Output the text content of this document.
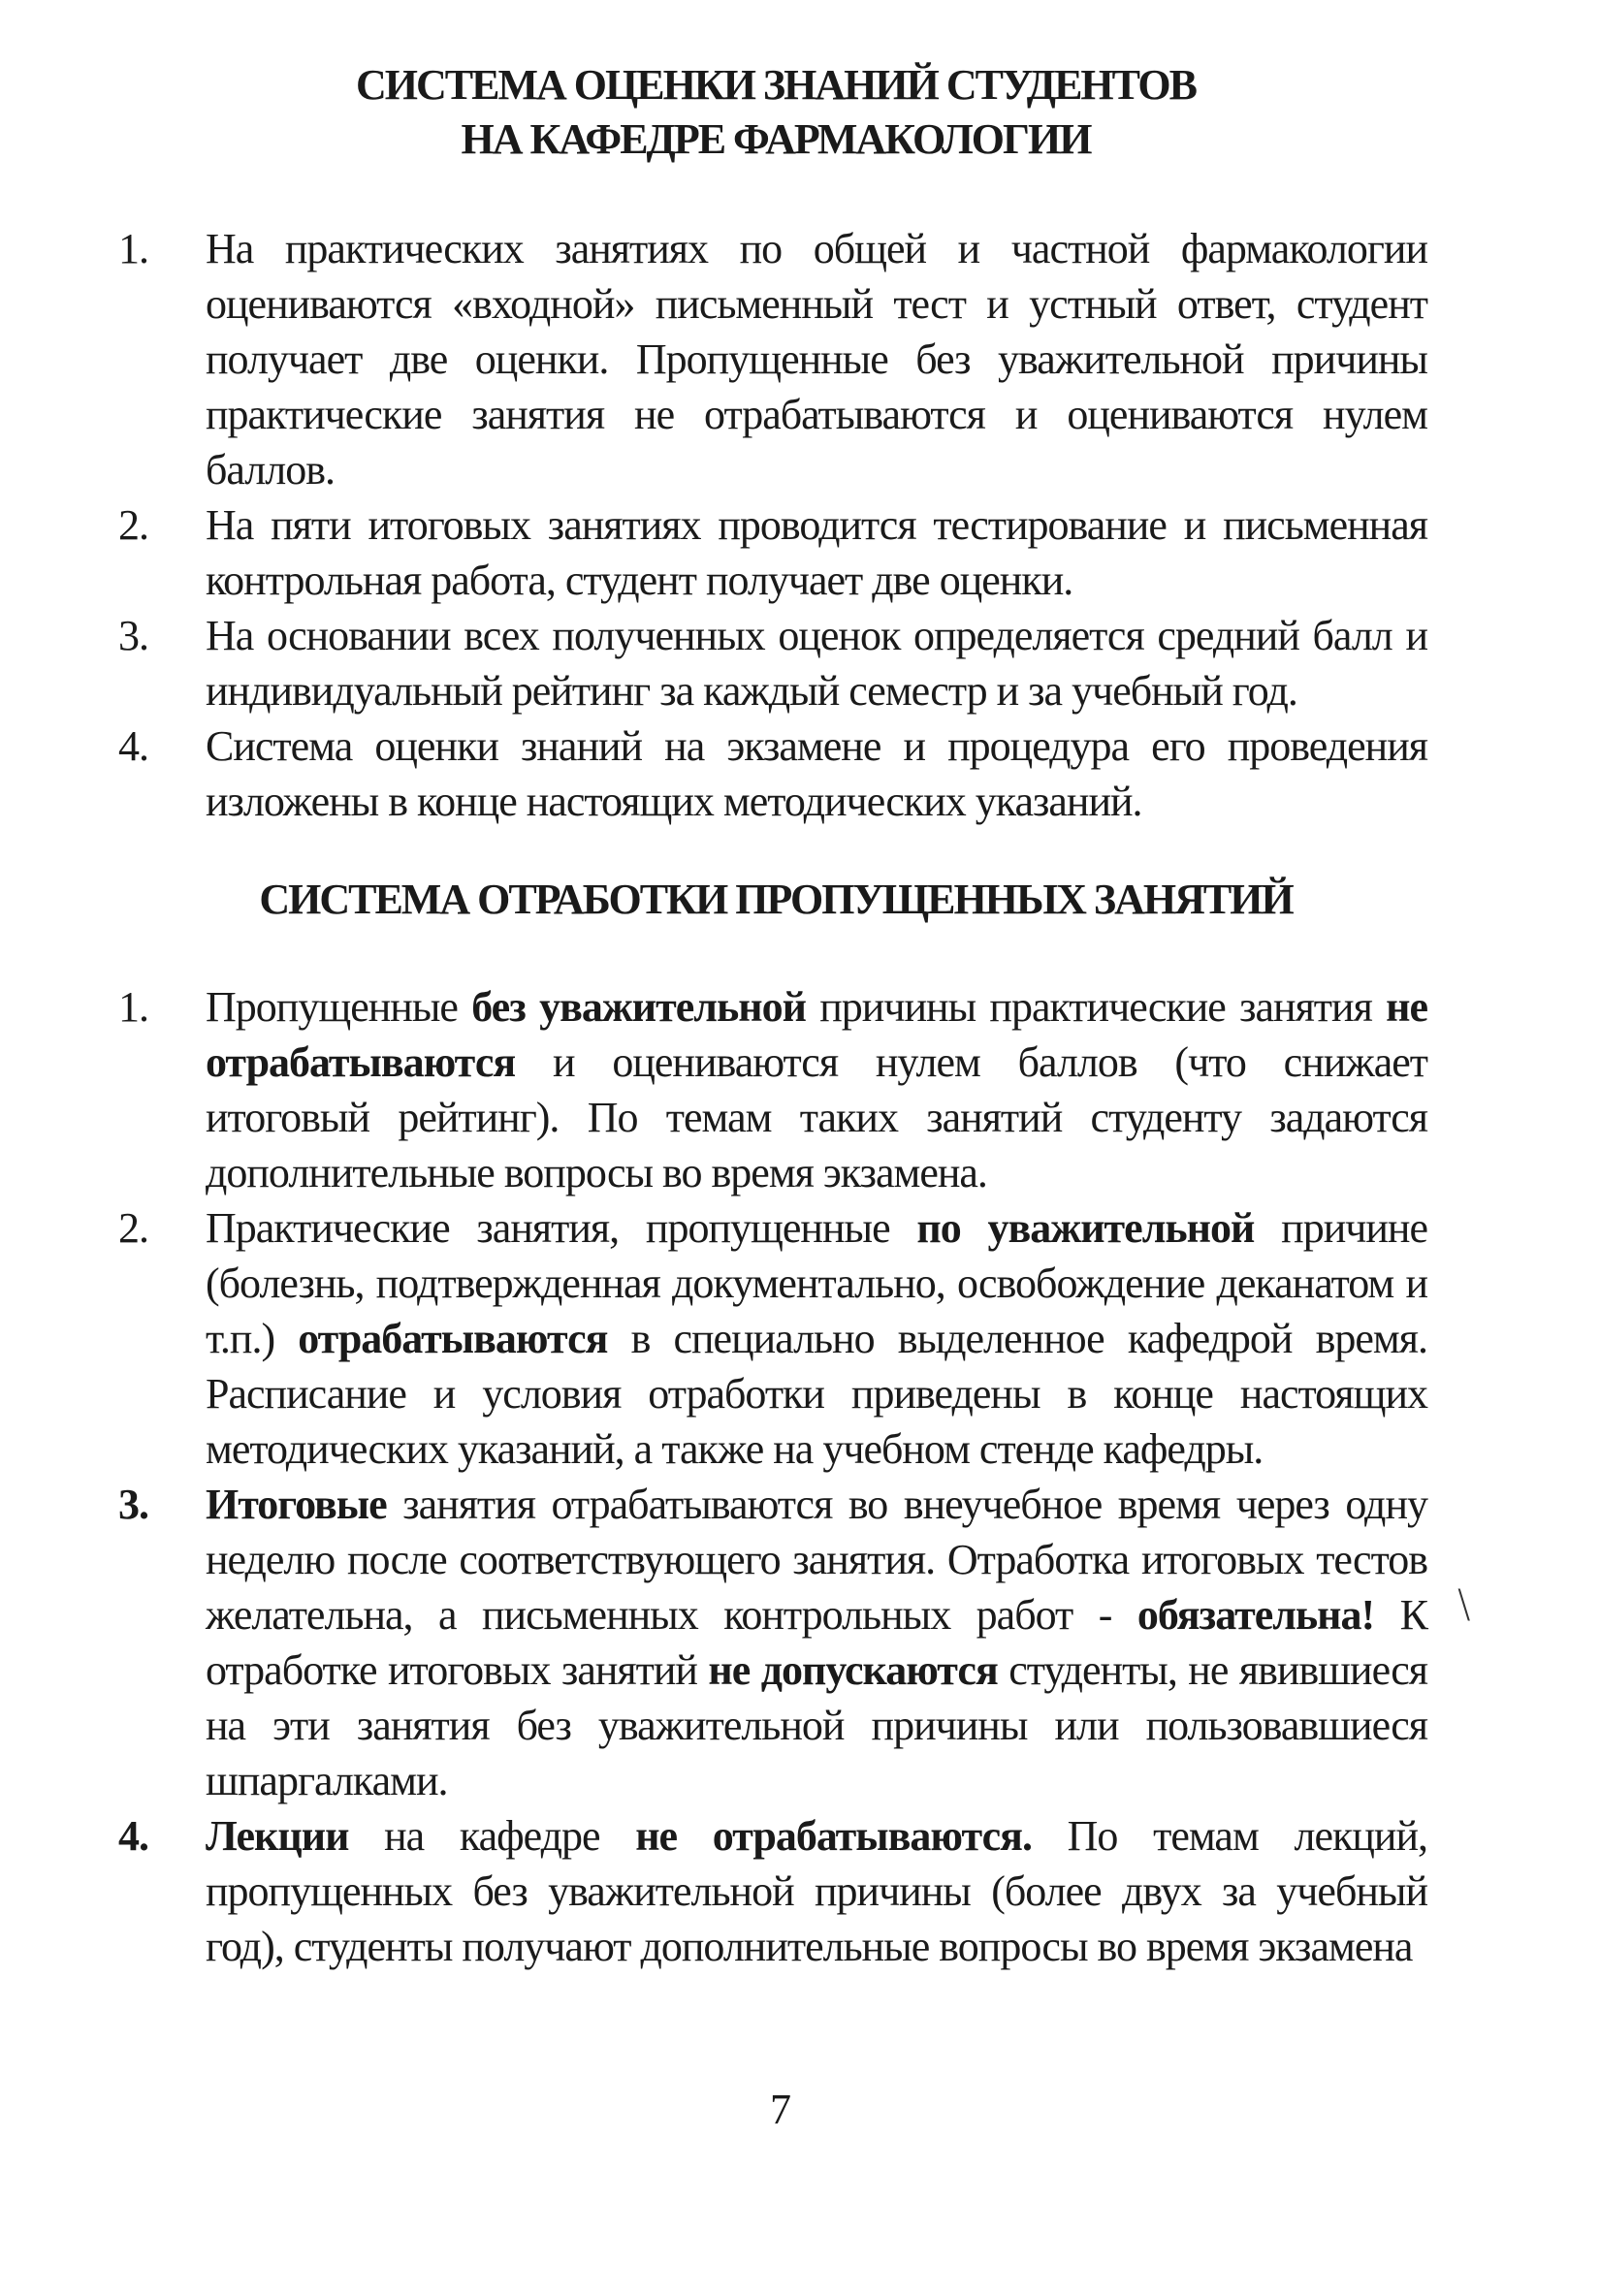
СИСТЕМА ОЦЕНКИ ЗНАНИЙ СТУДЕНТОВ
НА КАФЕДРЕ ФАРМАКОЛОГИИ
1.	На практических занятиях по общей и частной фармакологии оцениваются «входной» письменный тест и устный ответ, студент получает две оценки. Пропущенные без уважительной причины практические занятия не отрабатываются и оцениваются нулем баллов.
2.	На пяти итоговых занятиях проводится тестирование и письменная контрольная работа, студент получает две оценки.
3.	На основании всех полученных оценок определяется средний балл и индивидуальный рейтинг за каждый семестр и за учебный год.
4.	Система оценки знаний на экзамене и процедура его проведения изложены в конце настоящих методических указаний.
СИСТЕМА ОТРАБОТКИ ПРОПУЩЕННЫХ ЗАНЯТИЙ
1.	Пропущенные без уважительной причины практические занятия не отрабатываются и оцениваются нулем баллов (что снижает итоговый рейтинг). По темам таких занятий студенту задаются дополнительные вопросы во время экзамена.
2.	Практические занятия, пропущенные по уважительной причине (болезнь, подтвержденная документально, освобождение деканатом и т.п.) отрабатываются в специально выделенное кафедрой время. Расписание и условия отработки приведены в конце настоящих методических указаний, а также на учебном стенде кафедры.
3.	Итоговые занятия отрабатываются во внеучебное время через одну неделю после соответствующего занятия. Отработка итоговых тестов желательна, а письменных контрольных работ - обязательна! К отработке итоговых занятий не допускаются студенты, не явившиеся на эти занятия без уважительной причины или пользовавшиеся шпаргалками.
4.	Лекции на кафедре не отрабатываются. По темам лекций, пропущенных без уважительной причины (более двух за учебный год), студенты получают дополнительные вопросы во время экзамена
\
7
